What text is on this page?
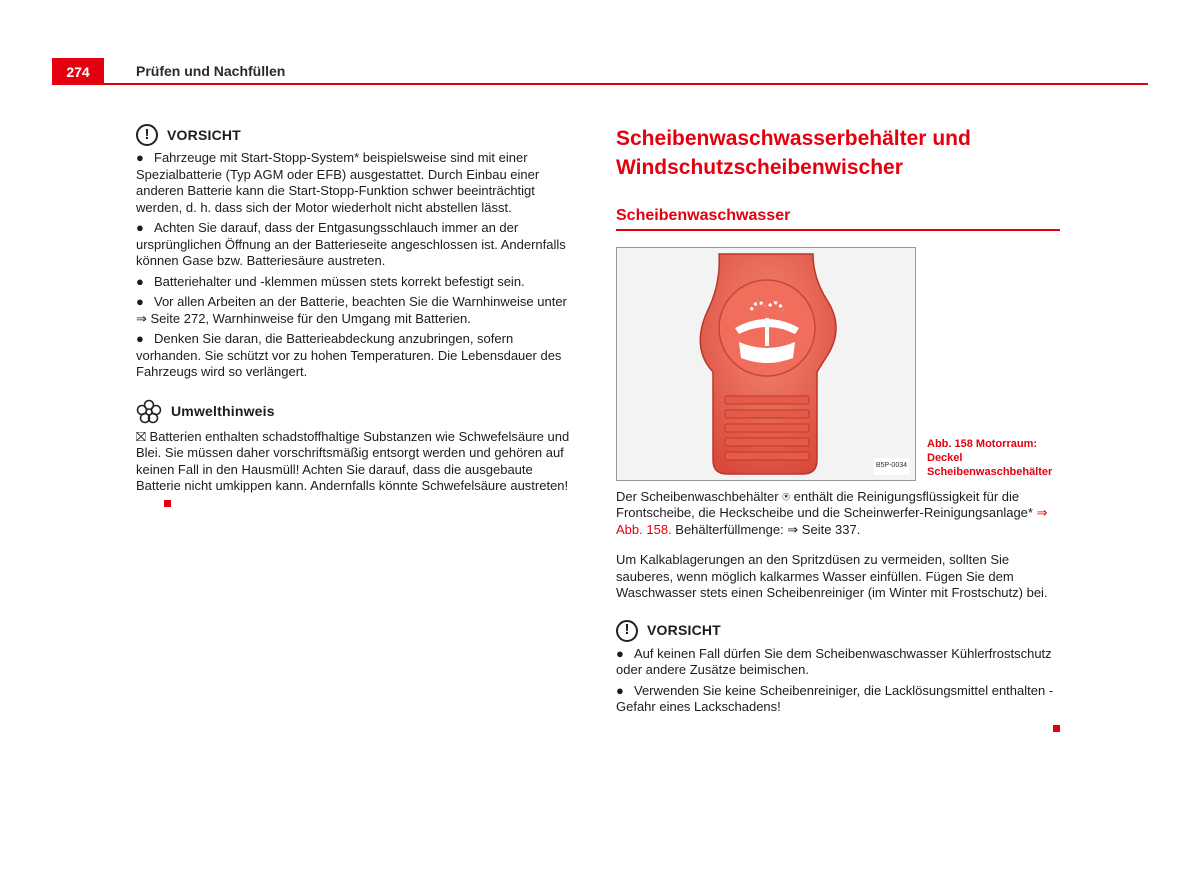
274	Prüfen und Nachfüllen
!	VORSICHT

● Fahrzeuge mit Start-Stopp-System* beispielsweise sind mit einer Spezialbatterie (Typ AGM oder EFB) ausgestattet. Durch Einbau einer anderen Batterie kann die Start-Stopp-Funktion schwer beeinträchtigt werden, d. h. dass sich der Motor wiederholt nicht abstellen lässt.

● Achten Sie darauf, dass der Entgasungsschlauch immer an der ursprünglichen Öffnung an der Batterieseite angeschlossen ist. Andernfalls können Gase bzw. Batteriesäure austreten.

● Batteriehalter und -klemmen müssen stets korrekt befestigt sein.

● Vor allen Arbeiten an der Batterie, beachten Sie die Warnhinweise unter ⇒ Seite 272, Warnhinweise für den Umgang mit Batterien.

● Denken Sie daran, die Batterieabdeckung anzubringen, sofern vorhanden. Sie schützt vor zu hohen Temperaturen. Die Lebensdauer des Fahrzeugs wird so verlängert.

Umwelthinweis

⛝ Batterien enthalten schadstoffhaltige Substanzen wie Schwefelsäure und Blei. Sie müssen daher vorschriftsmäßig entsorgt werden und gehören auf keinen Fall in den Hausmüll! Achten Sie darauf, dass die ausgebaute Batterie nicht umkippen kann. Andernfalls könnte Schwefelsäure austreten!

Scheibenwaschwasserbehälter und
Windschutzscheibenwischer

Scheibenwaschwasser
B5P-0034
Abb. 158 Motorraum: Deckel Scheibenwaschbehälter

Der Scheibenwaschbehälter ⍟ enthält die Reinigungsflüssigkeit für die Frontscheibe, die Heckscheibe und die Scheinwerfer-Reinigungsanlage* ⇒ Abb. 158. Behälterfüllmenge: ⇒ Seite 337.

Um Kalkablagerungen an den Spritzdüsen zu vermeiden, sollten Sie sauberes, wenn möglich kalkarmes Wasser einfüllen. Fügen Sie dem Waschwasser stets einen Scheibenreiniger (im Winter mit Frostschutz) bei.

!	VORSICHT

● Auf keinen Fall dürfen Sie dem Scheibenwaschwasser Kühlerfrostschutz oder andere Zusätze beimischen.

● Verwenden Sie keine Scheibenreiniger, die Lacklösungsmittel enthalten - Gefahr eines Lackschadens!
